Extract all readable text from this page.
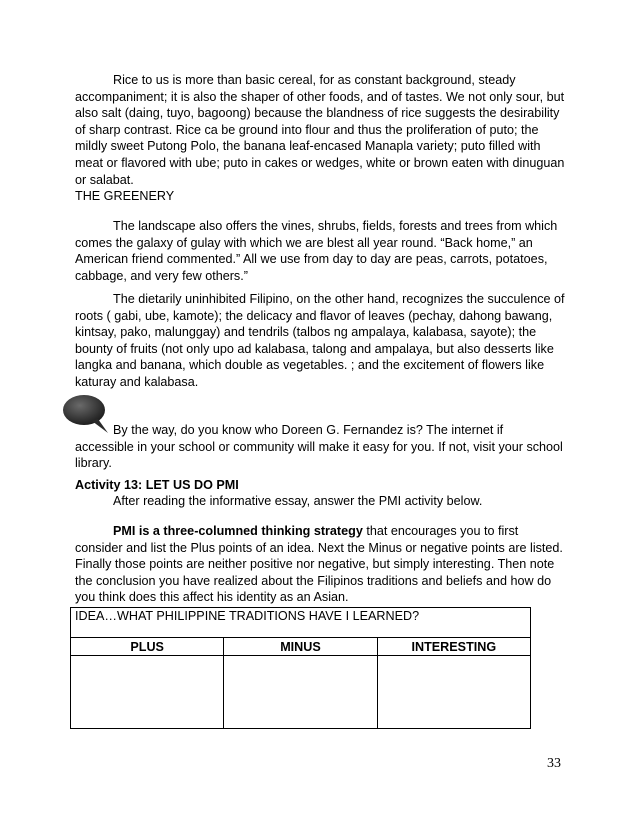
Rice to us is more than basic cereal, for as constant background, steady accompaniment; it is also the shaper of other foods, and of tastes. We not only sour, but also salt (daing, tuyo, bagoong) because the blandness of rice suggests the desirability of sharp contrast. Rice ca be ground into flour and thus the proliferation of puto; the mildly sweet Putong Polo, the banana leaf-encased Manapla variety; puto filled with meat or flavored with ube; puto in cakes or wedges, white or brown eaten with dinuguan or salabat.

THE GREENERY

The landscape also offers the vines, shrubs, fields, forests and trees from which comes the galaxy of gulay with which we are blest all year round. “Back home,” an American friend commented.” All we use from day to day are peas, carrots, potatoes, cabbage, and very few others.”

The dietarily uninhibited Filipino, on the other hand, recognizes the succulence of roots ( gabi, ube, kamote); the delicacy and flavor of leaves (pechay, dahong bawang, kintsay, pako, malunggay) and tendrils (talbos ng ampalaya, kalabasa, sayote); the bounty of fruits (not only upo ad kalabasa, talong and ampalaya, but also desserts like langka and banana, which double as vegetables. ; and the excitement of flowers like katuray and kalabasa.

By the way, do you know who Doreen G. Fernandez is? The internet if accessible in your school or community will make it easy for you. If not, visit your school library.

Activity 13: LET US DO PMI

After reading the informative essay, answer the PMI activity below.

PMI is a three-columned thinking strategy that encourages you to first consider and list the Plus points of an idea. Next the Minus or negative points are listed. Finally those points are neither positive nor negative, but simply interesting. Then note the conclusion you have realized about the Filipinos traditions and beliefs and how do you think does this affect his identity as an Asian.

IDEA…WHAT PHILIPPINE TRADITIONS HAVE I LEARNED?		
PLUS	MINUS	INTERESTING

33
